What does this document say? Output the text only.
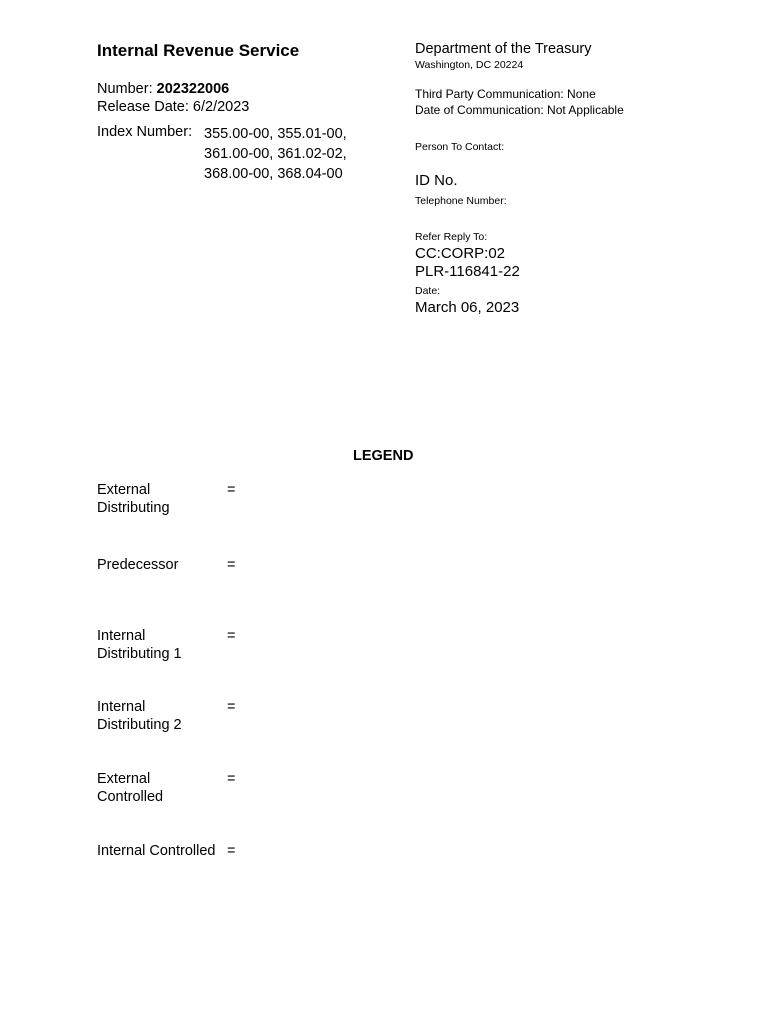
Internal Revenue Service
Number: 202322006
Release Date: 6/2/2023
Index Number: 355.00-00, 355.01-00,
361.00-00, 361.02-02,
368.00-00, 368.04-00
Department of the Treasury
Washington, DC 20224
Third Party Communication: None
Date of Communication: Not Applicable
Person To Contact:
ID No.
Telephone Number:
Refer Reply To:
CC:CORP:02
PLR-116841-22
Date:
March 06, 2023
LEGEND
External Distributing
=
Predecessor	=
Internal Distributing 1
=
Internal Distributing 2
=
External Controlled
=
Internal Controlled =
